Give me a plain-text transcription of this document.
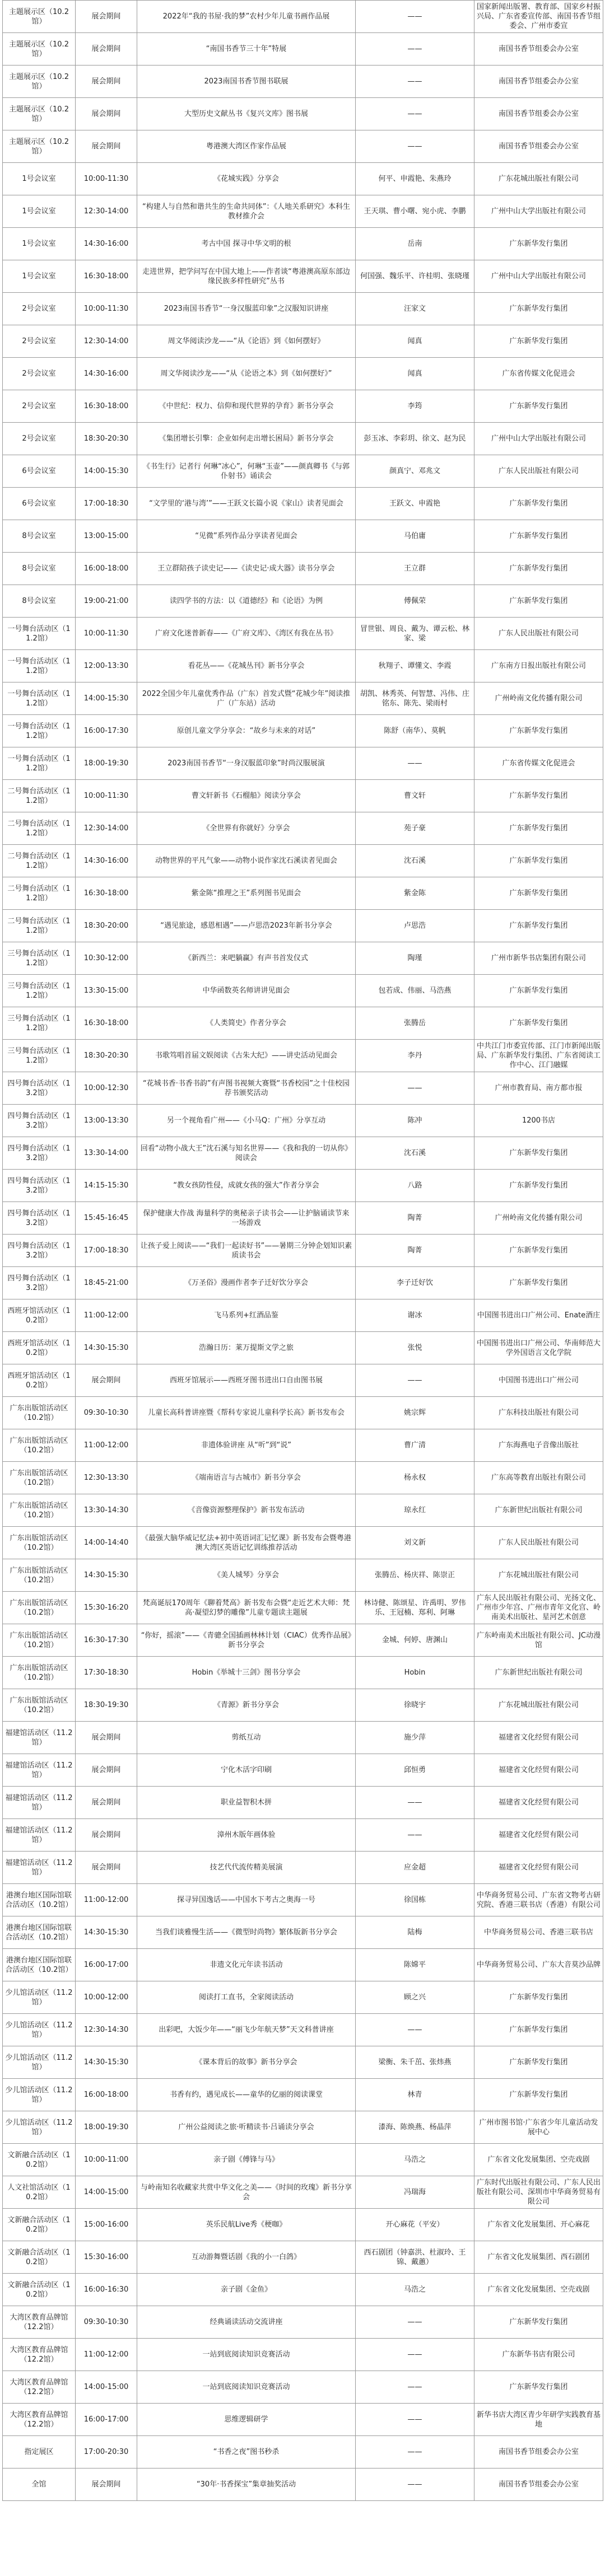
主题展示区（10.2馆）	展会期间	2022年“我的书屋·我的梦”农村少年儿童书画作品展	——	国家新闻出版署、教育部、国家乡村振兴局、广东省委宣传部、南国书香节组委会、广州市委宣
主题展示区（10.2馆）	展会期间	“南国书香节三十年”特展	——	南国书香节组委会办公室
主题展示区（10.2馆）	展会期间	2023南国书香节图书联展	——	南国书香节组委会办公室
主题展示区（10.2馆）	展会期间	大型历史文献丛书《复兴文库》图书展	——	南国书香节组委会办公室
主题展示区（10.2馆）	展会期间	粤港澳大湾区作家作品展	——	南国书香节组委会办公室
1号会议室	10:00-11:30	《花城实践》分享会	何平、申霞艳、朱燕玲	广东花城出版社有限公司
1号会议室	12:30-14:00	“构建人与自然和谐共生的生命共同体”：《人地关系研究》本科生教材推介会	王天琪、曹小曙、宛小虎、李鹏	广州中山大学出版社有限公司
1号会议室	14:30-16:00	考古中国 探寻中华文明的根	岳南	广东新华发行集团
1号会议室	16:30-18:00	走进世界，把学问写在中国大地上——作者谈“粤港澳高原东部边缘民族多样性研究”丛书	何国强、魏乐平、许桂明、张晓瑾	广州中山大学出版社有限公司
2号会议室	10:00-11:30	2023南国书香节“一身汉服蓝印象”之汉服知识讲座	汪家文	广东新华发行集团
2号会议室	12:30-14:00	周文华阅读沙龙——“从《论语》到《如何摆好》	闻真	广东新华发行集团
2号会议室	14:30-16:00	周文华阅读沙龙——“从《论语之本》到《如何摆好》”	闻真	广东省传媒文化促进会
2号会议室	16:30-18:00	《中世纪：权力、信仰和现代世界的孕育》新书分享会	李筠	广东新华发行集团
2号会议室	18:30-20:30	《集团增长引擎：企业如何走出增长困局》新书分享会	彭玉冰、李彩玥、徐文、赵为民	广州中山大学出版社有限公司
6号会议室	14:00-15:30	《书生行》记者行 何琳“冰心”，何琳“玉壶”——颜真卿书《与郭仆射书》诵读会	颜真宁、邓兆文	广东人民出版社有限公司
6号会议室	17:00-18:30	“文学里的‘港与湾’”——王跃文长篇小说《家山》读者见面会	王跃文、申霞艳	广东新华发行集团
8号会议室	13:00-15:00	“见微”系列作品分享读者见面会	马伯庸	广东新华发行集团
8号会议室	16:00-18:00	王立群陪孩子读史记——《读史记·成大器》读书分享会	王立群	广东新华发行集团
8号会议室	19:00-21:00	读四学书的方法：以《道德经》和《论语》为例	傅佩荣	广东新华发行集团
一号舞台活动区（11.2馆）	10:00-11:30	广府文化迷普新春——《广府文库》、《湾区有我在丛书》	冒世银、周良、戴为、谭云松、林家、梁	广东人民出版社有限公司
一号舞台活动区（11.2馆）	12:00-13:30	看花丛——《花城丛刊》新书分享会	秋翔子、谭懂文、李霞	广东南方日报出版社有限公司
一号舞台活动区（11.2馆）	14:00-15:30	2022全国少年儿童优秀作品（广东）首发式暨“花城少年”阅读推广（广东站）活动	胡凯、林秀英、何智慧、冯伟、庄铭东、陈先、梁雨村	广州岭南文化传播有限公司
一号舞台活动区（11.2馆）	16:00-17:30	原创儿童文学分享会：“故乡与未来的对话”	陈舒（南华）、莫帆	广东新华发行集团
一号舞台活动区（11.2馆）	18:00-19:30	2023南国书香节“一身汉服蓝印象”时尚汉服展演	——	广东省传媒文化促进会
二号舞台活动区（11.2馆）	10:00-11:30	曹文轩新书《石榴船》阅读分享会	曹文轩	广东新华发行集团
二号舞台活动区（11.2馆）	12:30-14:00	《全世界有你就好》分享会	苑子豪	广东新华发行集团
二号舞台活动区（11.2馆）	14:30-16:00	动物世界的平凡气象——动物小说作家沈石溪读者见面会	沈石溪	广东新华发行集团
二号舞台活动区（11.2馆）	16:30-18:00	紫金陈“推理之王”系列图书见面会	紫金陈	广东新华发行集团
二号舞台活动区（11.2馆）	18:30-20:00	“遇见旅途，感恩相遇”——卢思浩2023年新书分享会	卢思浩	广东新华发行集团
三号舞台活动区（11.2馆）	10:30-12:00	《新西兰：来吧躺赢》有声书首发仪式	陶瑾	广州市新华书店集团有限公司
三号舞台活动区（11.2馆）	13:30-15:00	中华函数英名师讲讲见面会	包若成、伟丽、马浩燕	广东新华发行集团
三号舞台活动区（11.2馆）	16:30-18:00	《人类简史》作者分享会	张腾岳	广东新华发行集团
三号舞台活动区（11.2馆）	18:30-20:30	书歌笃唱首届文娱阅读《古朱大纪》——讲史活动见面会	李丹	中共江门市委宣传部、江门市新闻出版局、广东新华发行集团、广东省阅读工作中心、江门融媒
四号舞台活动区（13.2馆）	10:00-12:30	“花城书香·书香书韵”有声图书视频大赛暨“书香校园”之十佳校园荐书颁奖活动	——	广州市教育局、南方都市报
四号舞台活动区（13.2馆）	13:00-13:30	另一个视角看广州——《小马Q：广州》分享互动	陈冲	1200书店
四号舞台活动区（13.2馆）	13:30-14:00	回看“动物小战大王”沈石溪与知名世界——《我和我的一切从你》阅读会	沈石溪	广东新华发行集团
四号舞台活动区（13.2馆）	14:15-15:30	“教女孩防性侵，成就女孩的强大”作者分享会	八路	广东新华发行集团
四号舞台活动区（13.2馆）	15:45-16:45	保护健康大作战 海量科学的奥秘亲子读书会——让护脑诵读节来一场游戏	陶菁	广州岭南文化传播有限公司
四号舞台活动区（13.2馆）	17:00-18:30	让孩子爱上阅读——“我们一起读好书”——暑期三分钟企划知识素质读书会	陶菁	广东新华发行集团
四号舞台活动区（13.2馆）	18:45-21:00	《万圣俗》漫画作者李子迁好饮分享会	李子迁好饮	广东新华发行集团
西班牙馆活动区（10.2馆）	11:00-12:00	飞马系列+红酒品鉴	谢冰	中国图书进出口广州公司、Enate酒庄
西班牙馆活动区（10.2馆）	14:30-15:30	浩瀚日历：莱万提斯文学之旅	张悦	中国图书进出口广州公司、华南师范大学外国语言文化学院
西班牙馆活动区（10.2馆）	展会期间	西班牙馆展示——西班牙图书进出口自由图书展	——	中国图书进出口广州公司
广东出版馆活动区（10.2馆）	09:30-10:30	儿童长高科普讲座暨《帮科专家说儿童科学长高》新书发布会	姚宗辉	广东科技出版社有限公司
广东出版馆活动区（10.2馆）	11:00-12:00	非遗体验讲座 从“听”到“说”	曹广清	广东海燕电子音像出版社
广东出版馆活动区（10.2馆）	12:30-13:30	《端南语言与古城市》新书分享会	杨永权	广东高等教育出版社有限公司
广东出版馆活动区（10.2馆）	13:30-14:30	《音像资源整理保护》新书发布活动	琼永红	广东新世纪出版社有限公司
广东出版馆活动区（10.2馆）	14:00-14:40	《最强大脑华威记忆法+初中英语词汇记忆课》新书发布会暨粤港澳大湾区英语记忆训练推荐活动	刘文新	广东人民出版社有限公司
广东出版馆活动区（10.2馆）	14:30-15:30	《美人城琴》分享会	张腾岳、杨庆祥、陈崇正	广东花城出版社有限公司
广东出版馆活动区（10.2馆）	15:30-16:20	梵高诞辰170周年《聊着梵高》新书发布会暨“走近艺术大师：梵高·凝望幻梦的雕像”儿童专题读主题展	林诗健、陈颂星、许禹明、罗伟乐、王冠楠、郑利、阿琳	广东人民出版社有限公司、光扬文化、广州市少年宫、广州市青年文化宫、岭南美术出版社、星河艺术创意
广东出版馆活动区（10.2馆）	16:30-17:30	“你好，摇滚”——《青骢全国插画林林计划（CIAC）优秀作品展》新书分享会	金城、何婷、唐渊山	广东岭南美术出版社有限公司、JC动漫馆
广东出版馆活动区（10.2馆）	17:30-18:30	Hobin《举城十三剑》图书分享会	Hobin	广东新世纪出版社有限公司
广东出版馆活动区（10.2馆）	18:30-19:30	《青源》新书分享会	徐晓宇	广东花城出版社有限公司
福建馆活动区（11.2馆）	展会期间	剪纸互动	施少萍	福建省文化经贸有限公司
福建馆活动区（11.2馆）	展会期间	宁化木活字印刷	邱恒勇	福建省文化经贸有限公司
福建馆活动区（11.2馆）	展会期间	职业益智积木拼	——	福建省文化经贸有限公司
福建馆活动区（11.2馆）	展会期间	漳州木版年画体验	——	福建省文化经贸有限公司
福建馆活动区（11.2馆）	展会期间	技艺代代流传精美展演	应金超	福建省文化经贸有限公司
港澳台地区国际馆联合活动区（10.2馆）	11:00-12:00	探寻异国逸话——中国水下考古之奥海一号	徐国栋	中华商务贸易公司、广东省文物考古研究院、香港三联书店（香港）有限公司
港澳台地区国际馆联合活动区（10.2馆）	14:30-15:30	当我们谈雅慢生活——《微型时尚物》繁体版新书分享会	陆梅	中华商务贸易公司、香港三联书店
港澳台地区国际馆联合活动区（10.2馆）	16:00-17:00	非遗文化元年读书活动	陈嫦平	中华商务贸易公司、广东大音莫沙品牌
少儿馆活动区（11.2馆）	10:00-12:00	阅读打工直书，全家阅读活动	顾之兴	广东新华发行集团
少儿馆活动区（11.2馆）	12:30-14:30	出彩吧，大饭少年——“丽飞少年航天梦”天文科普讲座	——	广东新华发行集团
少儿馆活动区（11.2馆）	14:30-15:30	《课本背后的故事》新书分享会	梁衡、朱千茁、张炜燕	广东新华发行集团
少儿馆活动区（11.2馆）	16:00-18:00	书香有约，遇见成长——童华的亿丽的阅读课堂	林青	广东新华发行集团
少儿馆活动区（11.2馆）	18:00-19:30	广州公益阅读之旅·听精读书·吕诵读分享会	漆海、陈焕燕、杨晶萍	广州市图书馆·广东省少年儿童活动发展中心
文新融合活动区（10.2馆）	10:00-11:00	亲子剧《傅锋与马》	马浩之	广东省文化发展集团、空壳戏剧
人文社馆活动区（10.2馆）	14:00-15:00	与岭南知名收藏家共赏中华文化之美——《时间的玫瑰》新书分享会	冯瑞海	广东时代出版社有限公司、广东人民出版社有限公司、深圳市中华商务贸易有限公司
文新融合活动区（10.2馆）	15:00-16:00	英乐民航Live秀《梗咖》	开心麻花（平安）	广东省文化发展集团、开心麻花
文新融合活动区（10.2馆）	15:30-16:00	互动游舞暨话剧《我的小一白鸽》	西石剧团（钟嘉洪、杜淑玲、王锦、戴蕙）	广东省文化发展集团、西石剧团
文新融合活动区（10.2馆）	16:00-16:30	亲子剧《金鱼》	马浩之	广东省文化发展集团、空壳戏剧
大湾区教育品牌馆（12.2馆）	09:30-10:30	经典诵读活动交流讲座	——	广东新华发行集团
大湾区教育品牌馆（12.2馆）	11:00-12:00	一站到底阅读知识竞赛活动	——	广东新华书店有限公司
大湾区教育品牌馆（12.2馆）	14:00-15:00	一站到底阅读知识竞赛活动	——	广东新华发行集团
大湾区教育品牌馆（12.2馆）	16:00-17:00	思维逻辑研学	——	新华书店大湾区青少年研学实践教育基地
指定展区	17:00-20:30	“书香之夜”图书秒杀	——	南国书香节组委会办公室
全馆	展会期间	“30年·书香探宝”集章抽奖活动	——	南国书香节组委会办公室
